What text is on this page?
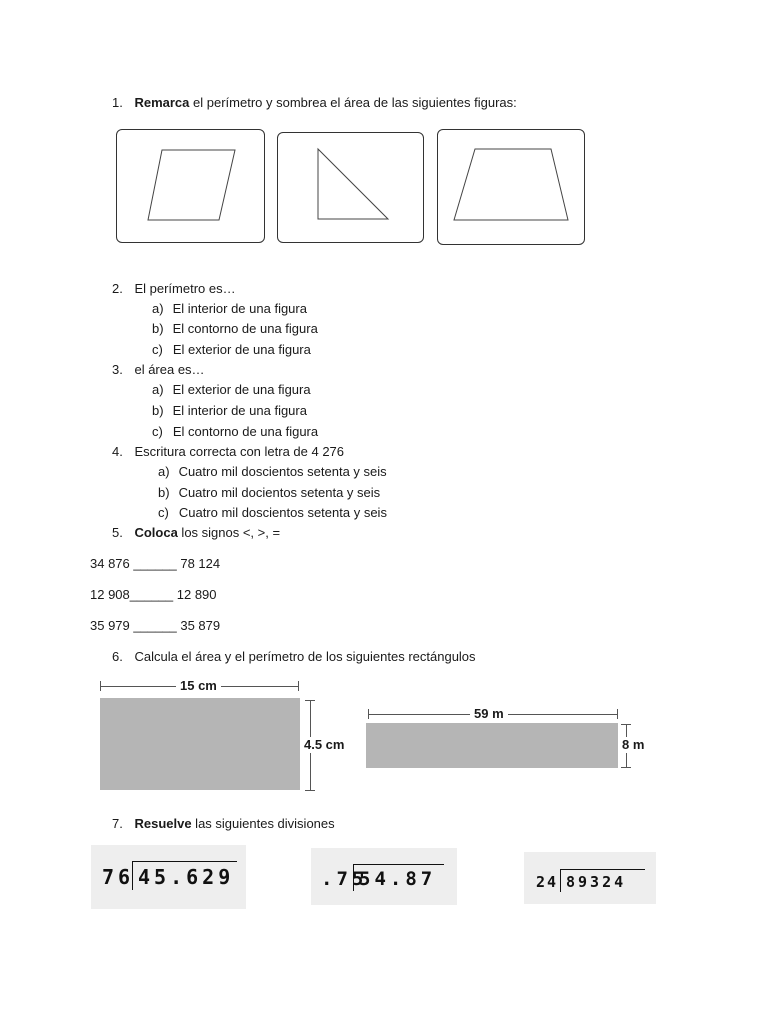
1. Remarca el perímetro y sombrea el área de las siguientes figuras:
2. El perímetro es…
a) El interior de una figura
b) El contorno de una figura
c) El exterior de una figura
3. el área es…
a) El exterior de una figura
b) El interior de una figura
c) El contorno de una figura
4. Escritura correcta con letra de 4 276
a) Cuatro mil doscientos setenta y seis
b) Cuatro mil docientos setenta y seis
c) Cuatro mil doscientos setenta y seis
5. Coloca los signos <, >, =
34 876 ______ 78 124
12 908______ 12 890
35 979 ______ 35 879
6. Calcula el área y el perímetro de los siguientes rectángulos
15 cm
4.5 cm
59 m
8 m
7. Resuelve las siguientes divisiones
76 45.629	.75
54.87	24 89324
